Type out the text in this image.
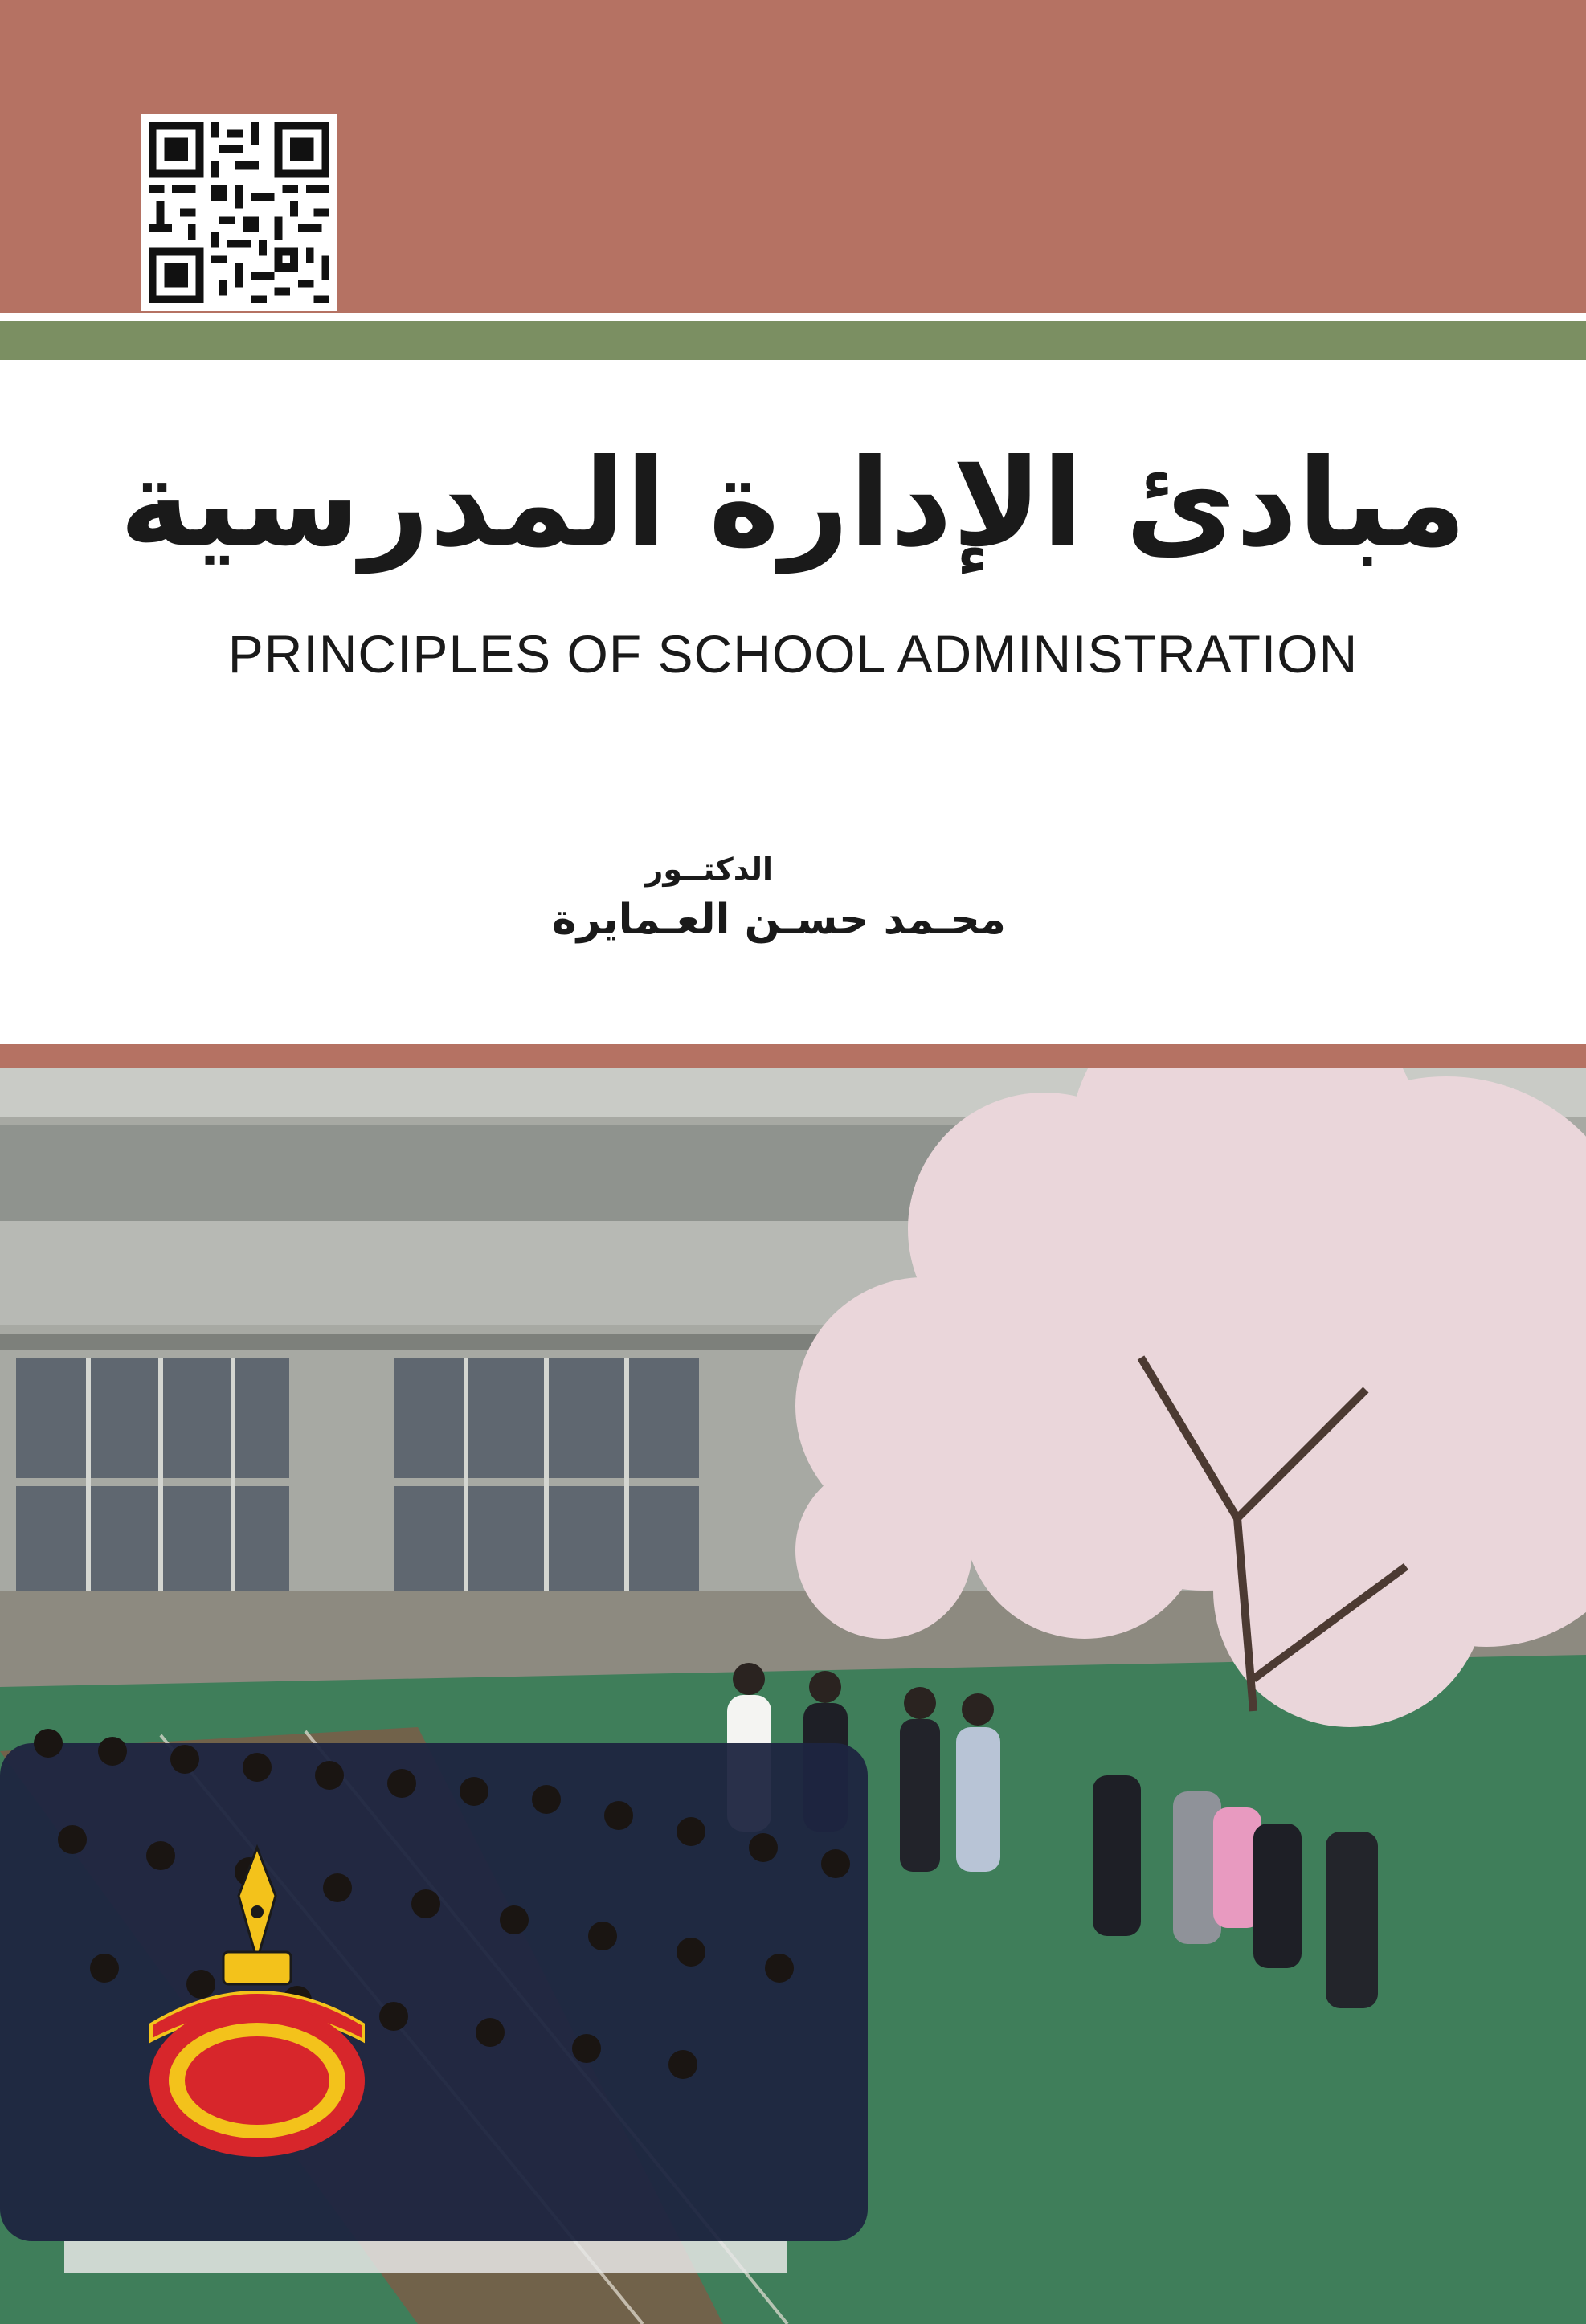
مبادئ الإدارة المدرسية
PRINCIPLES OF SCHOOL ADMINISTRATION
الدكتــور
محـمد حسـن العـمايرة
